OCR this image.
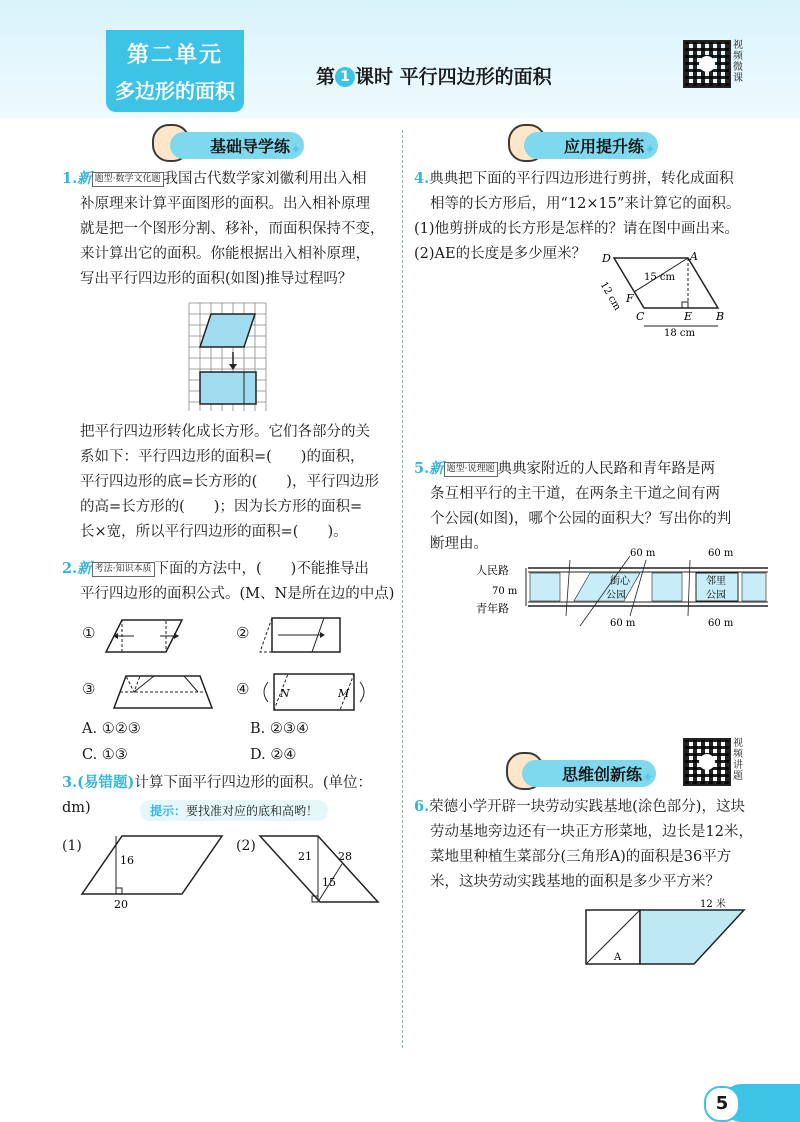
第二单元
多边形的面积
第 1 课时 平行四边形的面积
视频微课
基础导学练 ✦
1.新 题型·数学文化题 我国古代数学家刘徽利用出入相
补原理来计算平面图形的面积。出入相补原理
就是把一个图形分割、移补，而面积保持不变，
来计算出它的面积。你能根据出入相补原理，
写出平行四边形的面积(如图)推导过程吗？
把平行四边形转化成长方形。它们各部分的关
系如下：平行四边形的面积=(　　)的面积，
平行四边形的底=长方形的(　　)，平行四边形
的高=长方形的(　　)；因为长方形的面积=
长×宽，所以平行四边形的面积=(　　)。
2.新 考法·知识本质 下面的方法中，(　　)不能推导出
平行四边形的面积公式。(M、N是所在边的中点)
①	②
③	④	N	M
A. ①②③	B. ②③④
C. ①③	D. ②④
3.(易错题)计算下面平行四边形的面积。(单位：dm)	提示：要找准对应的底和高哟！
(1)
16
20
(2)
21 28
15
应用提升练 ✦
4.典典把下面的平行四边形进行剪拼，转化成面积
相等的长方形后，用“12×15”来计算它的面积。
(1)他剪拼成的长方形是怎样的？请在图中画出来。
(2)AE的长度是多少厘米？	D	A
F
C	E B
15 cm
12 cm
18 cm
5.新 题型·说理题 典典家附近的人民路和青年路是两
条互相平行的主干道，在两条主干道之间有两
个公园(如图)，哪个公园的面积大？写出你的判
断理由。
人民路
青年路
70 m
街心
公园
邻里
公园
60 m	60 m
60 m	60 m
思维创新练 ✦
视频讲题
6.荣德小学开辟一块劳动实践基地(涂色部分)，这块
劳动基地旁边还有一块正方形菜地，边长是12米，
菜地里种植生菜部分(三角形A)的面积是36平方
米，这块劳动实践基地的面积是多少平方米？
12 米
A
5
